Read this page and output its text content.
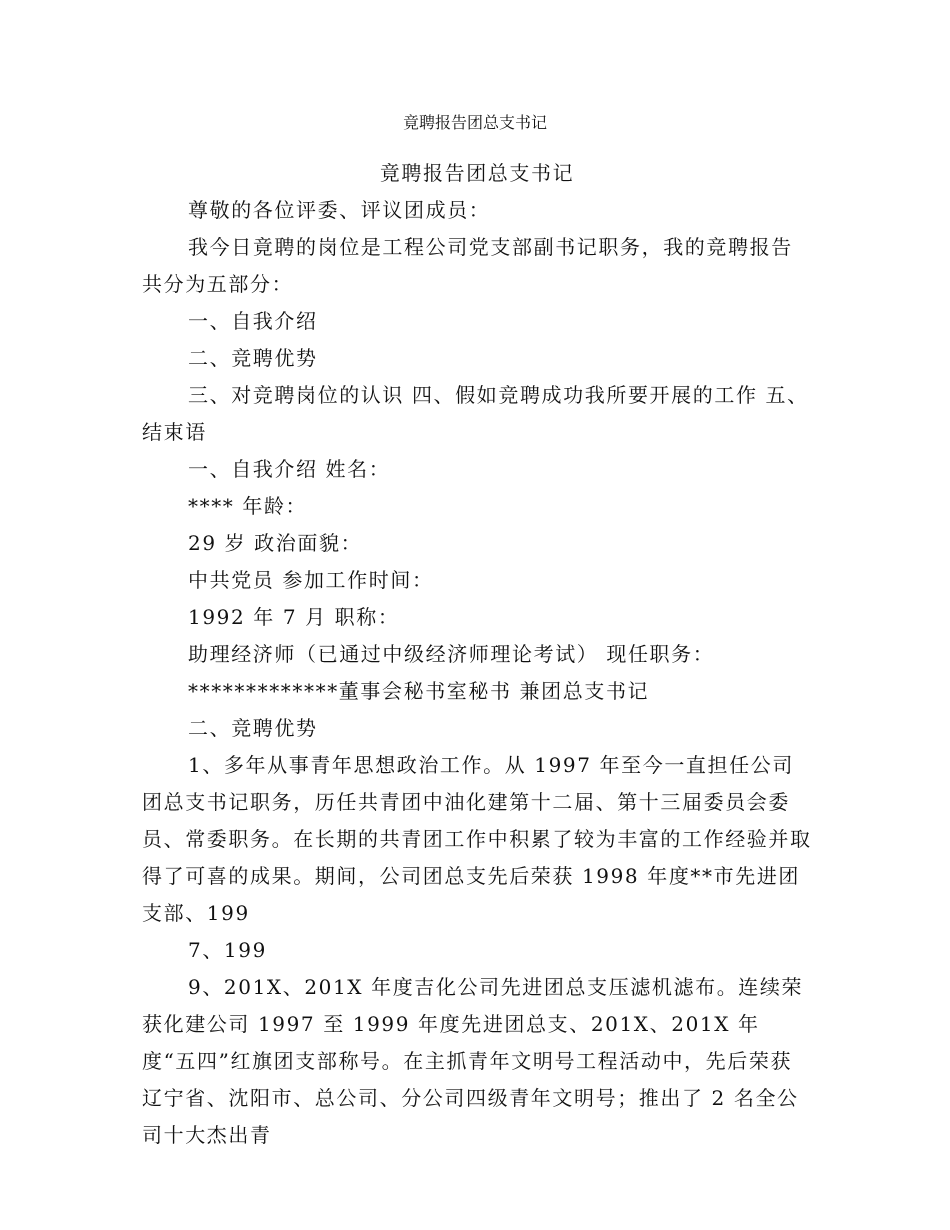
竟聘报告团总支书记

竟聘报告团总支书记

尊敬的各位评委、评议团成员：

我今日竟聘的岗位是工程公司党支部副书记职务，我的竞聘报告共分为五部分：

一、自我介绍

二、竞聘优势

三、对竞聘岗位的认识 四、假如竞聘成功我所要开展的工作 五、结束语

一、自我介绍 姓名：

**** 年龄：

29 岁 政治面貌：

中共党员 参加工作时间：

1992 年 7 月 职称：

助理经济师（已通过中级经济师理论考试） 现任职务：

*************董事会秘书室秘书 兼团总支书记

二、竞聘优势

1、多年从事青年思想政治工作。从 1997 年至今一直担任公司团总支书记职务，历任共青团中油化建第十二届、第十三届委员会委员、常委职务。在长期的共青团工作中积累了较为丰富的工作经验并取得了可喜的成果。期间，公司团总支先后荣获 1998 年度**市先进团支部、199

7、199

9、201X、201X 年度吉化公司先进团总支压滤机滤布。连续荣获化建公司 1997 至 1999 年度先进团总支、201X、201X 年度“五四”红旗团支部称号。在主抓青年文明号工程活动中，先后荣获辽宁省、沈阳市、总公司、分公司四级青年文明号；推出了 2 名全公司十大杰出青
